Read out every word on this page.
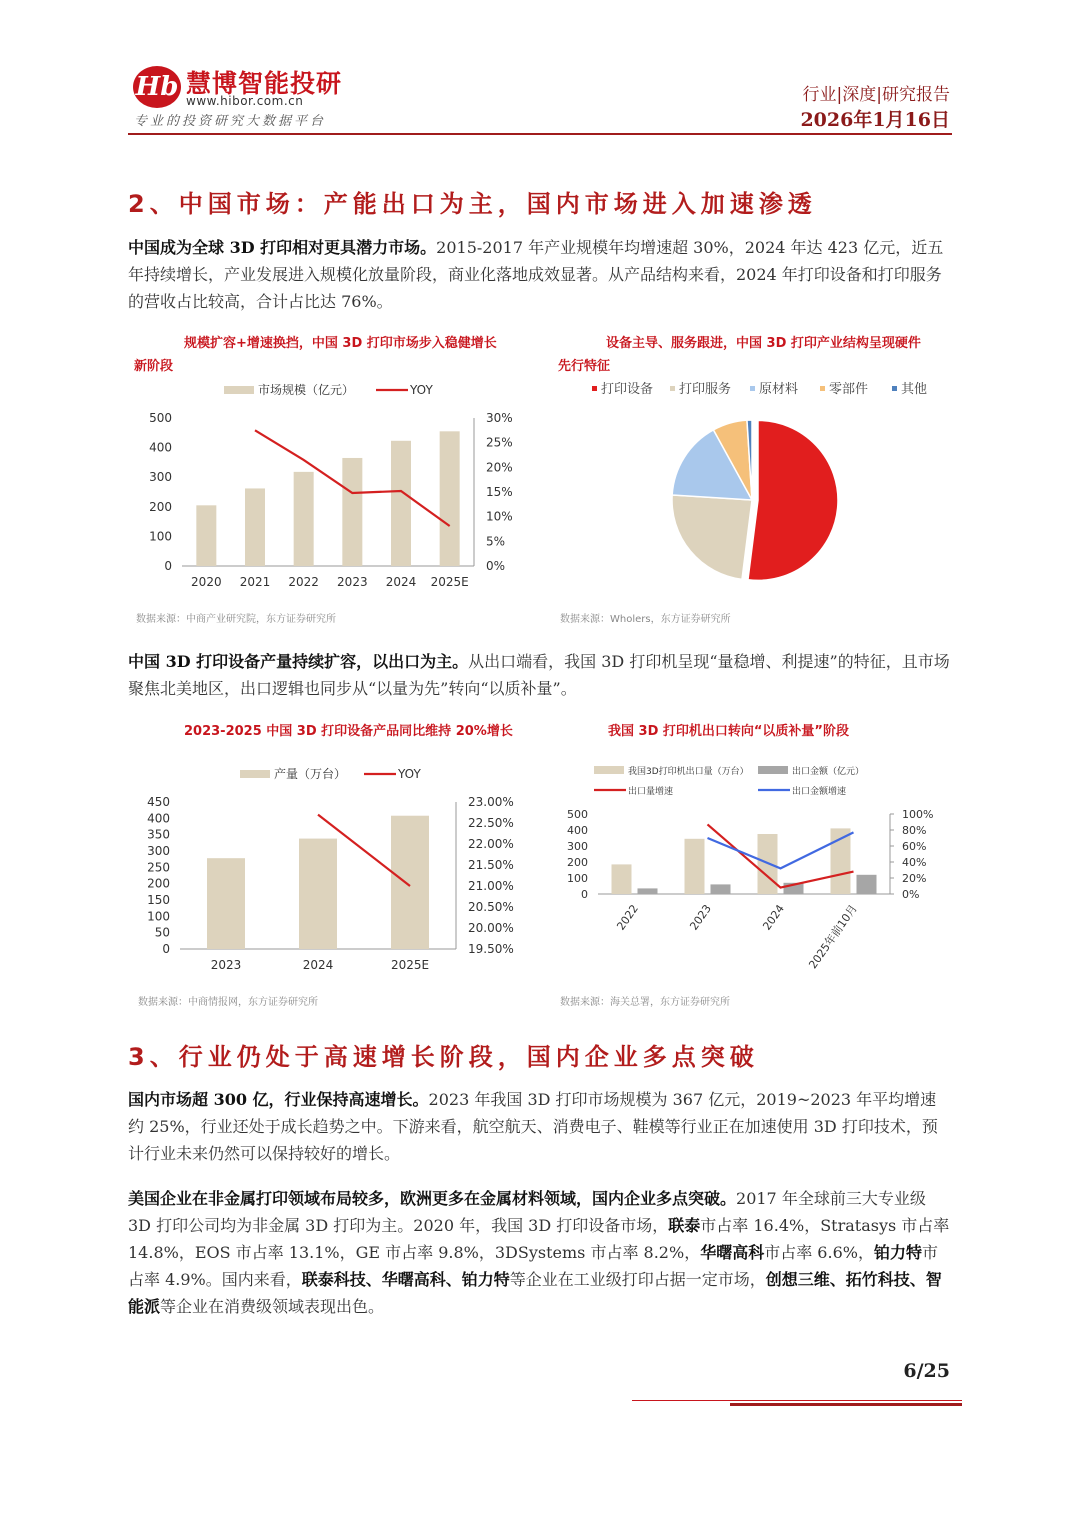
Hb 慧博智能投研
www.hibor.com.cn
专业的投资研究大数据平台
行业|深度|研究报告
2026年1月16日
2、中国市场：产能出口为主，国内市场进入加速渗透
中国成为全球 3D 打印相对更具潜力市场。2015-2017 年产业规模年均增速超 30%，2024 年达 423 亿元，近五年持续增长，产业发展进入规模化放量阶段，商业化落地成效显著。从产品结构来看，2024 年打印设备和打印服务的营收占比较高，合计占比达 76%。
规模扩容+增速换挡，中国 3D 打印市场步入稳健增长
新阶段
0
100
200
300
400
500
0%
5%
10%
15%
20%
25%
30%
2020 2021 2022 2023 2024 2025E
市场规模（亿元）	YOY
数据来源：中商产业研究院，东方证券研究所
设备主导、服务跟进，中国 3D 打印产业结构呈现硬件
先行特征
打印设备 打印服务 原材料 零部件	其他
数据来源：Wholers，东方证券研究所
中国 3D 打印设备产量持续扩容，以出口为主。从出口端看，我国 3D 打印机呈现“量稳增、利提速”的特征，且市场聚焦北美地区，出口逻辑也同步从“以量为先”转向“以质补量”。
2023-2025 中国 3D 打印设备产品同比维持 20%增长
0
50
100
150
200
250
300
350
400
450
19.50%
20.00%
20.50%
21.00%
21.50%
22.00%
22.50%
23.00%
2023	2024	2025E
产量（万台）	YOY
数据来源：中商情报网，东方证券研究所
我国 3D 打印机出口转向“以质补量”阶段
0
100
200
300
400
500
0%
20%
40%
60%
80%
100%
2022	2023	2024 2025年前10月
我国3D打印机出口量（万台）	出口金额（亿元）
出口量增速	出口金额增速
数据来源：海关总署，东方证券研究所
3、行业仍处于高速增长阶段，国内企业多点突破
国内市场超 300 亿，行业保持高速增长。2023 年我国 3D 打印市场规模为 367 亿元，2019~2023 年平均增速约 25%，行业还处于成长趋势之中。下游来看，航空航天、消费电子、鞋模等行业正在加速使用 3D 打印技术，预计行业未来仍然可以保持较好的增长。
美国企业在非金属打印领域布局较多，欧洲更多在金属材料领域，国内企业多点突破。2017 年全球前三大专业级 3D 打印公司均为非金属 3D 打印为主。2020 年，我国 3D 打印设备市场，联泰市占率 16.4%，Stratasys 市占率 14.8%，EOS 市占率 13.1%，GE 市占率 9.8%，3DSystems 市占率 8.2%，华曙高科市占率 6.6%，铂力特市占率 4.9%。国内来看，联泰科技、华曙高科、铂力特等企业在工业级打印占据一定市场，创想三维、拓竹科技、智能派等企业在消费级领域表现出色。
6/25
